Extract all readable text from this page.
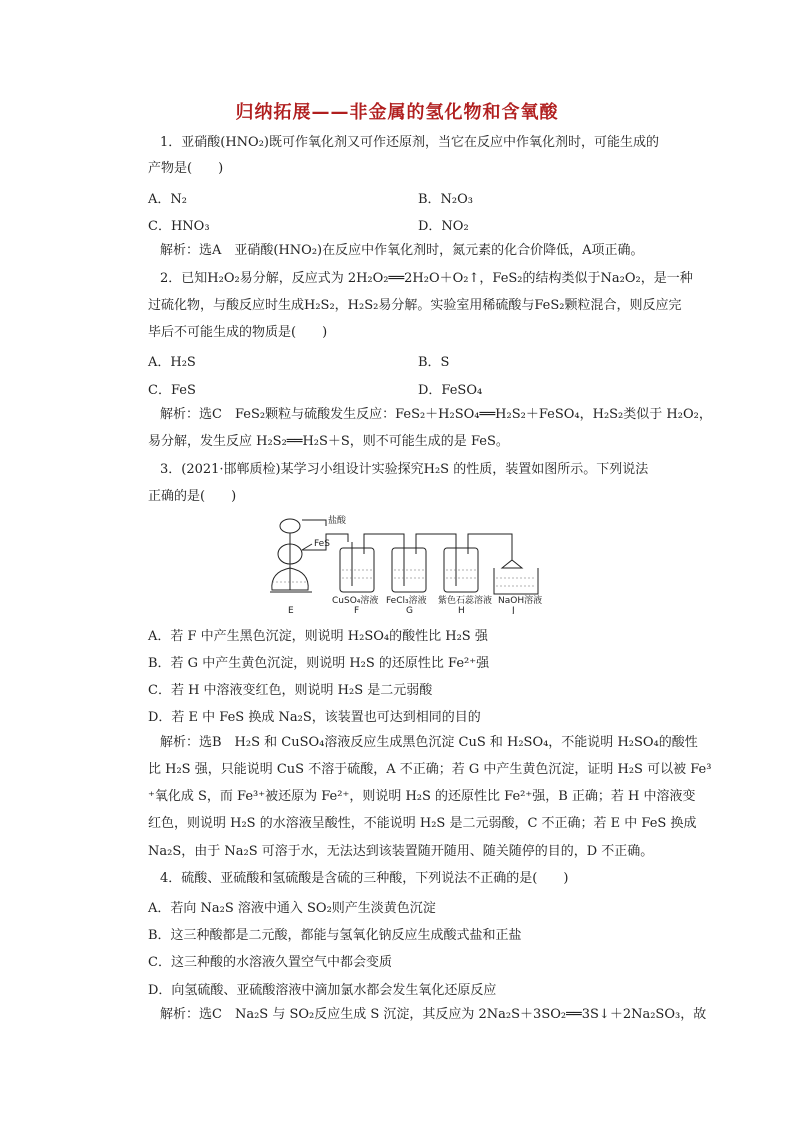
归纳拓展——非金属的氢化物和含氧酸
1．亚硝酸(HNO₂)既可作氧化剂又可作还原剂，当它在反应中作氧化剂时，可能生成的
产物是(　　)
A．N₂	B．N₂O₃
C．HNO₃	D．NO₂
解析：选A　亚硝酸(HNO₂)在反应中作氧化剂时，氮元素的化合价降低，A项正确。
2．已知H₂O₂易分解，反应式为 2H₂O₂══2H₂O＋O₂↑，FeS₂的结构类似于Na₂O₂，是一种
过硫化物，与酸反应时生成H₂S₂，H₂S₂易分解。实验室用稀硫酸与FeS₂颗粒混合，则反应完
毕后不可能生成的物质是(　　)
A．H₂S	B．S
C．FeS	D．FeSO₄
解析：选C　FeS₂颗粒与硫酸发生反应：FeS₂＋H₂SO₄══H₂S₂＋FeSO₄，H₂S₂类似于 H₂O₂，
易分解，发生反应 H₂S₂══H₂S＋S，则不可能生成的是 FeS。
3．(2021·邯郸质检)某学习小组设计实验探究H₂S 的性质，装置如图所示。下列说法
正确的是(　　)
盐酸
FeS
CuSO₄溶液 FeCl₃溶液 紫色石蕊溶液 NaOH溶液
E	F	G	H	J
A．若 F 中产生黑色沉淀，则说明 H₂SO₄的酸性比 H₂S 强
B．若 G 中产生黄色沉淀，则说明 H₂S 的还原性比 Fe²⁺强
C．若 H 中溶液变红色，则说明 H₂S 是二元弱酸
D．若 E 中 FeS 换成 Na₂S，该装置也可达到相同的目的
解析：选B　H₂S 和 CuSO₄溶液反应生成黑色沉淀 CuS 和 H₂SO₄，不能说明 H₂SO₄的酸性
比 H₂S 强，只能说明 CuS 不溶于硫酸，A 不正确；若 G 中产生黄色沉淀，证明 H₂S 可以被 Fe³
⁺氧化成 S，而 Fe³⁺被还原为 Fe²⁺，则说明 H₂S 的还原性比 Fe²⁺强，B 正确；若 H 中溶液变
红色，则说明 H₂S 的水溶液呈酸性，不能说明 H₂S 是二元弱酸，C 不正确；若 E 中 FeS 换成
Na₂S，由于 Na₂S 可溶于水，无法达到该装置随开随用、随关随停的目的，D 不正确。
4．硫酸、亚硫酸和氢硫酸是含硫的三种酸，下列说法不正确的是(　　)
A．若向 Na₂S 溶液中通入 SO₂则产生淡黄色沉淀
B．这三种酸都是二元酸，都能与氢氧化钠反应生成酸式盐和正盐
C．这三种酸的水溶液久置空气中都会变质
D．向氢硫酸、亚硫酸溶液中滴加氯水都会发生氧化还原反应
解析：选C　Na₂S 与 SO₂反应生成 S 沉淀，其反应为 2Na₂S＋3SO₂══3S↓＋2Na₂SO₃，故
